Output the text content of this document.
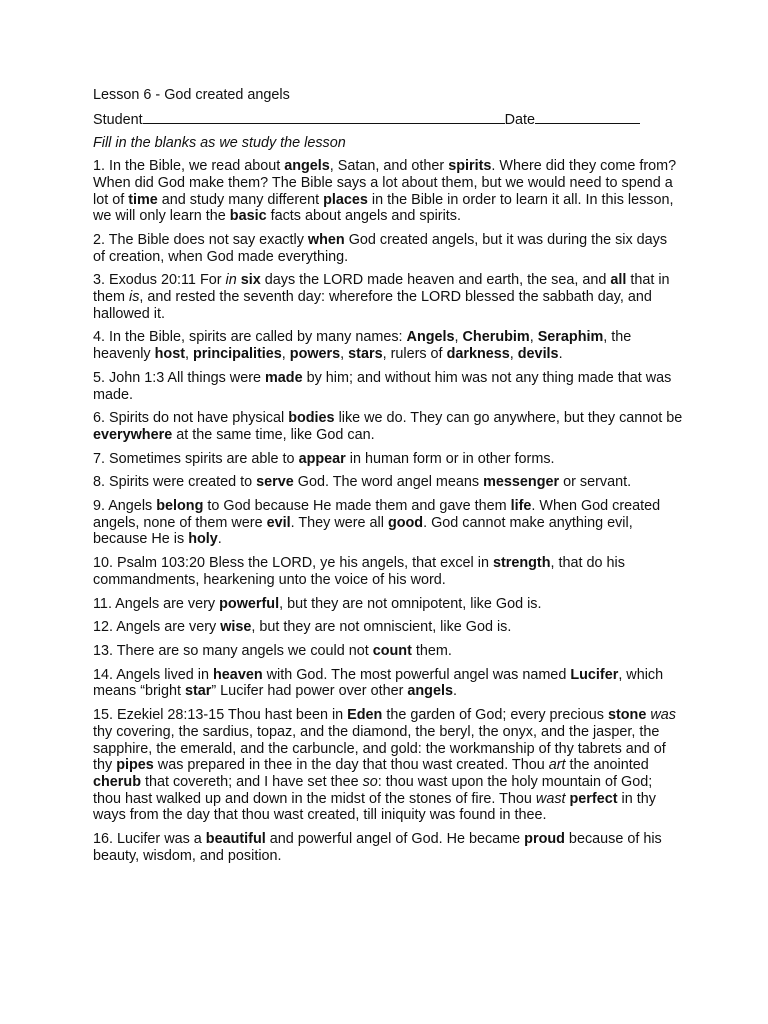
Lesson 6 - God created angels
Student	Date
Fill in the blanks as we study the lesson
1. In the Bible, we read about angels, Satan, and other spirits. Where did they come from? When did God make them? The Bible says a lot about them, but we would need to spend a lot of time and study many different places in the Bible in order to learn it all. In this lesson, we will only learn the basic facts about angels and spirits.
2. The Bible does not say exactly when God created angels, but it was during the six days of creation, when God made everything.
3. Exodus 20:11 For in six days the LORD made heaven and earth, the sea, and all that in them is, and rested the seventh day: wherefore the LORD blessed the sabbath day, and hallowed it.
4. In the Bible, spirits are called by many names: Angels, Cherubim, Seraphim, the heavenly host, principalities, powers, stars, rulers of darkness, devils.
5. John 1:3 All things were made by him; and without him was not any thing made that was made.
6. Spirits do not have physical bodies like we do. They can go anywhere, but they cannot be everywhere at the same time, like God can.
7. Sometimes spirits are able to appear in human form or in other forms.
8. Spirits were created to serve God. The word angel means messenger or servant.
9. Angels belong to God because He made them and gave them life. When God created angels, none of them were evil. They were all good. God cannot make anything evil, because He is holy.
10. Psalm 103:20 Bless the LORD, ye his angels, that excel in strength, that do his commandments, hearkening unto the voice of his word.
11. Angels are very powerful, but they are not omnipotent, like God is.
12. Angels are very wise, but they are not omniscient, like God is.
13. There are so many angels we could not count them.
14. Angels lived in heaven with God. The most powerful angel was named Lucifer, which means “bright star” Lucifer had power over other angels.
15. Ezekiel 28:13-15 Thou hast been in Eden the garden of God; every precious stone was thy covering, the sardius, topaz, and the diamond, the beryl, the onyx, and the jasper, the sapphire, the emerald, and the carbuncle, and gold: the workmanship of thy tabrets and of thy pipes was prepared in thee in the day that thou wast created. Thou art the anointed cherub that covereth; and I have set thee so: thou wast upon the holy mountain of God; thou hast walked up and down in the midst of the stones of fire. Thou wast perfect in thy ways from the day that thou wast created, till iniquity was found in thee.
16. Lucifer was a beautiful and powerful angel of God. He became proud because of his beauty, wisdom, and position.
